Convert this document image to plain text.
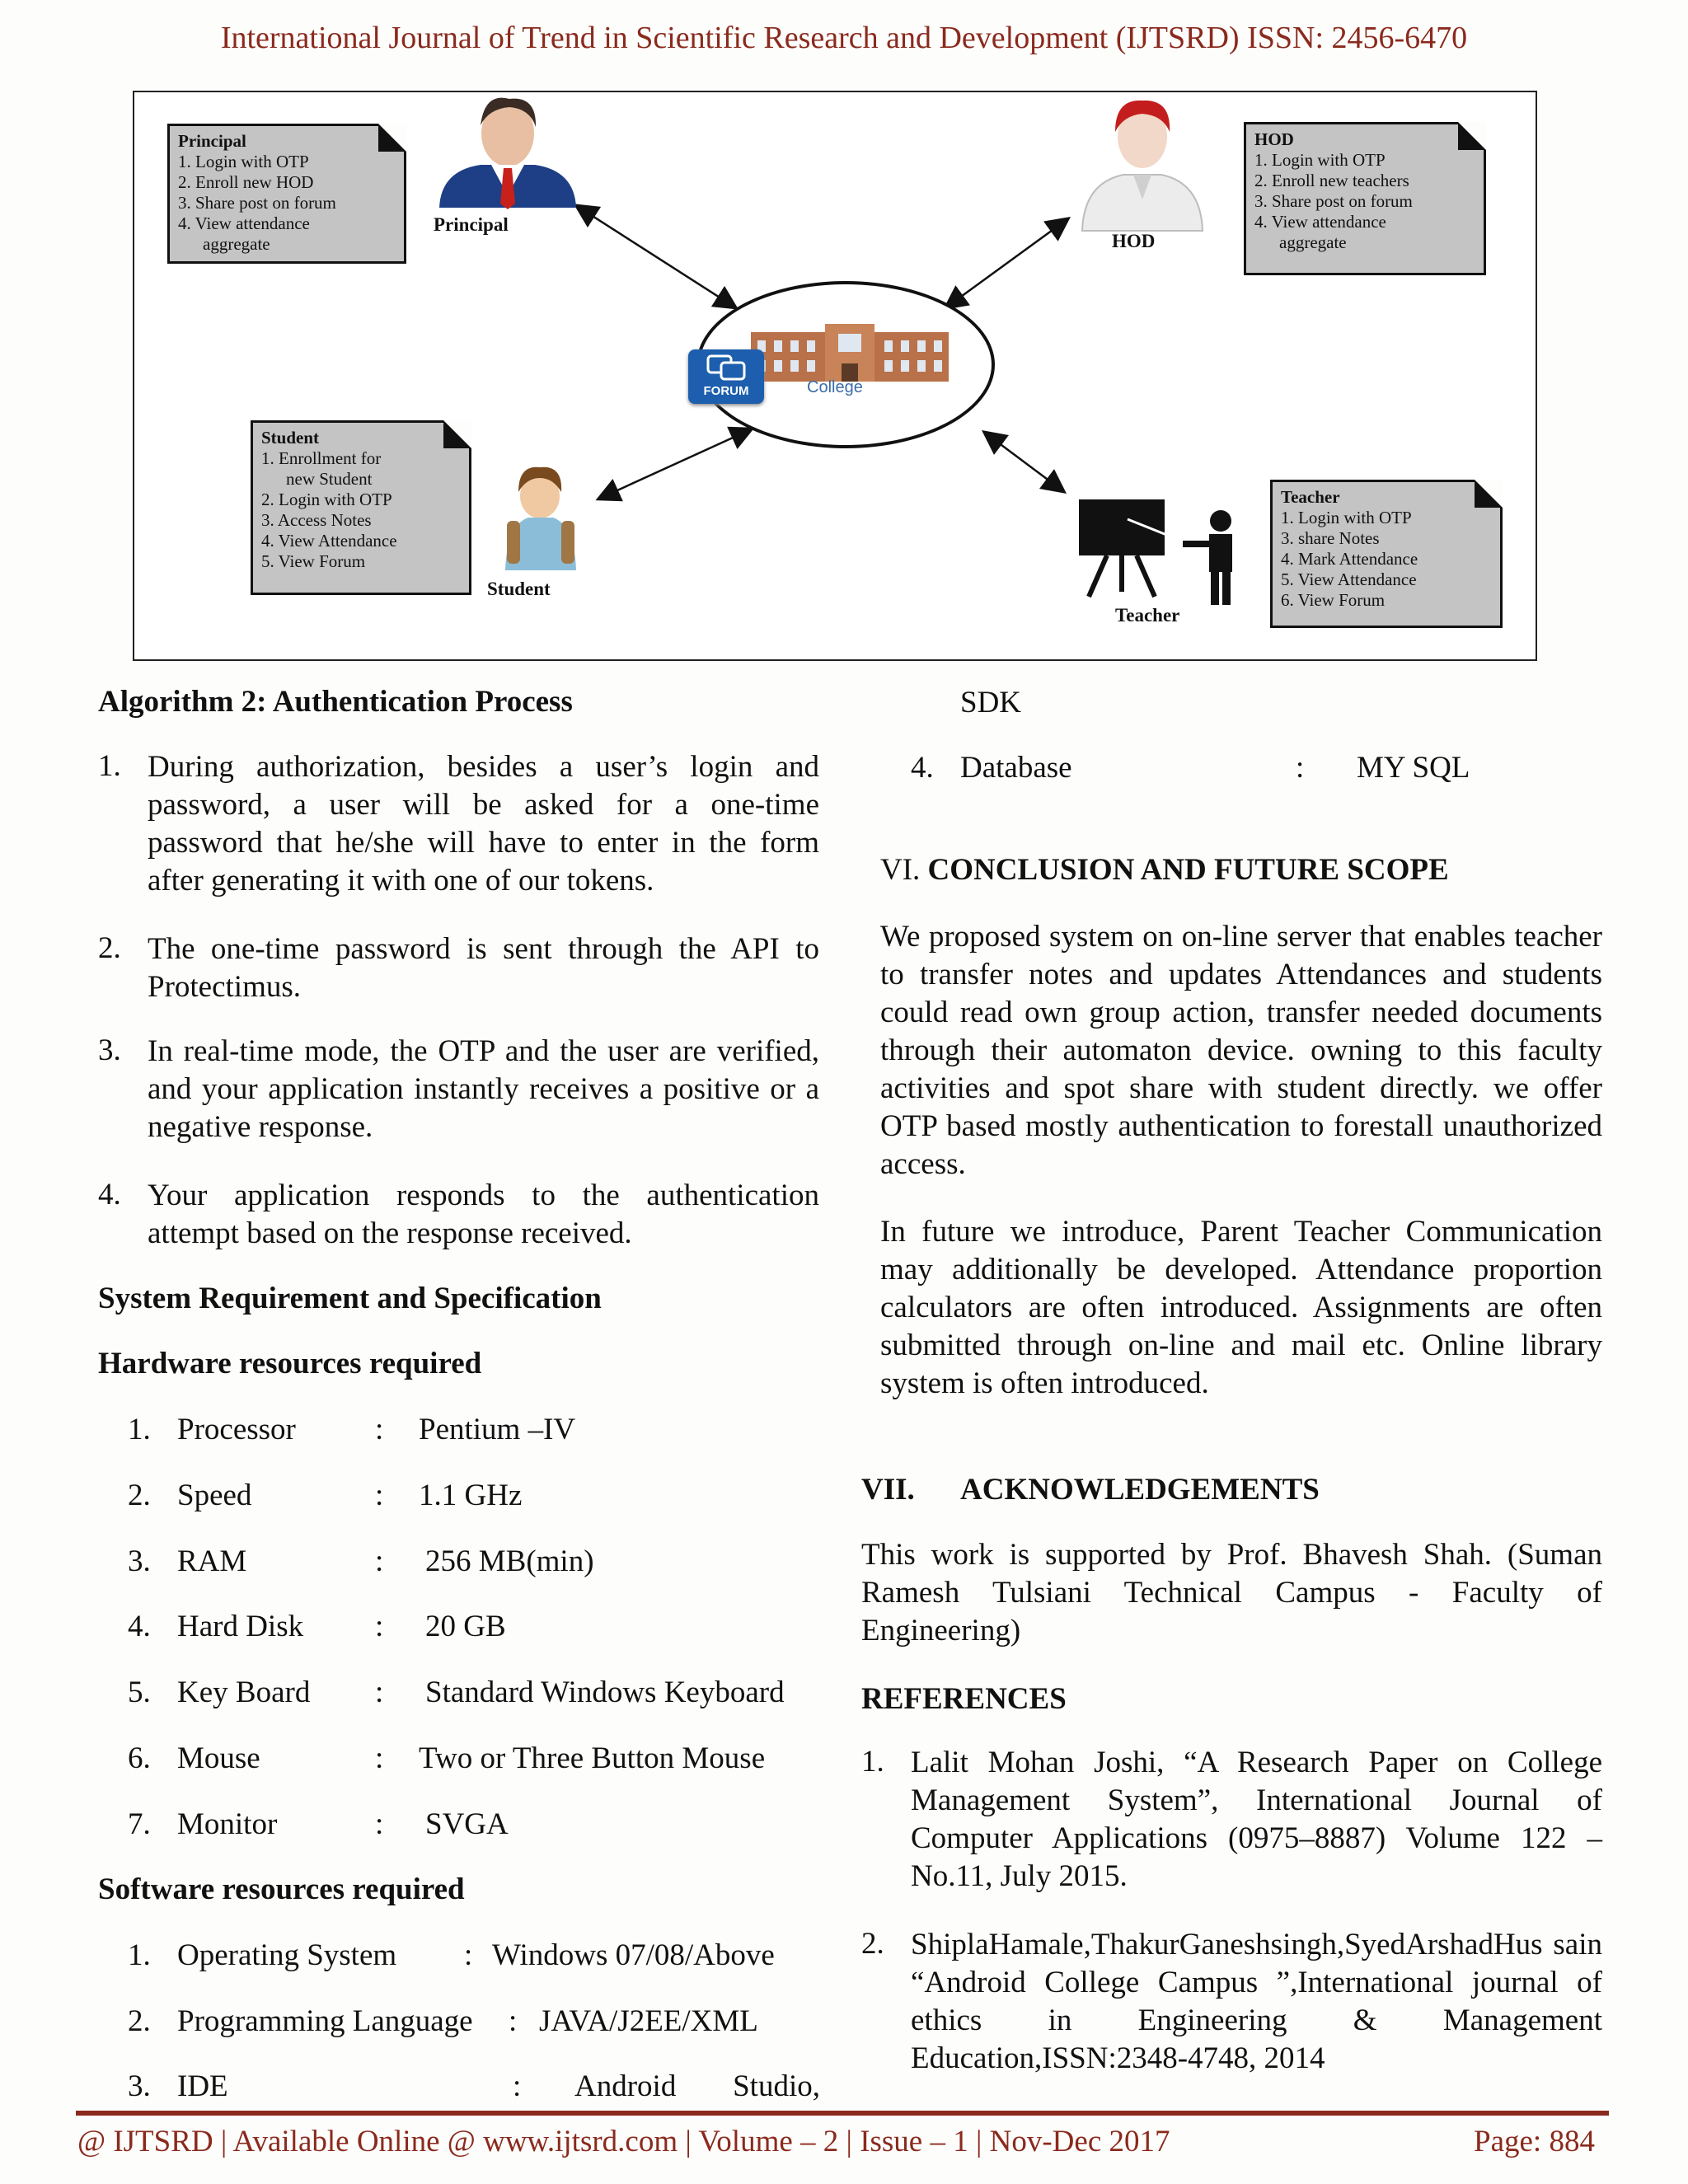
International Journal of Trend in Scientific Research and Development (IJTSRD) ISSN: 2456-6470
College
FORUM
Principal
1. Login with OTP
2. Enroll new HOD
3. Share post on forum
4. View attendance
aggregate
Principal
HOD
1. Login with OTP
2. Enroll new teachers
3. Share post on forum
4. View attendance
aggregate
HOD
Student
1. Enrollment for
new Student
2. Login with OTP
3. Access Notes
4. View Attendance
5. View Forum
Student
Teacher
1. Login with OTP
3. share Notes
4. Mark Attendance
5. View Attendance
6. View Forum
Teacher
Algorithm 2: Authentication Process
1. During authorization, besides a user’s login and password, a user will be asked for a one-time password that he/she will have to enter in the form after generating it with one of our tokens.
2. The one-time password is sent through the API to Protectimus.
3. In real-time mode, the OTP and the user are verified, and your application instantly receives a positive or a negative response.
4. Your application responds to the authentication attempt based on the response received.
System Requirement and Specification
Hardware resources required
1. Processor	: Pentium –IV
2. Speed	: 1.1 GHz
3. RAM	: 256 MB(min)
4. Hard Disk : 20 GB
5. Key Board : Standard Windows Keyboard
6. Mouse	: Two or Three Button Mouse
7. Monitor	: SVGA
Software resources required
1. Operating System : Windows 07/08/Above
2. Programming Language : JAVA/J2EE/XML
3. IDE	: Android Studio,
SDK
4. Database	: MY SQL
VI. CONCLUSION AND FUTURE SCOPE
We proposed system on on-line server that enables teacher to transfer notes and updates Attendances and students could read own group action, transfer needed documents through their automaton device. owning to this faculty activities and spot share with student directly. we offer OTP based mostly authentication to forestall unauthorized access.
In future we introduce, Parent Teacher Communication may additionally be developed. Attendance proportion calculators are often introduced. Assignments are often submitted through on-line and mail etc. Online library system is often introduced.
VII. ACKNOWLEDGEMENTS
This work is supported by Prof. Bhavesh Shah. (Suman Ramesh Tulsiani Technical Campus - Faculty of Engineering)
REFERENCES
1. Lalit Mohan Joshi, “A Research Paper on College Management System”, International Journal of Computer Applications (0975–8887) Volume 122 – No.11, July 2015.
2. ShiplaHamale,ThakurGaneshsingh,SyedArshadHus sain “Android College Campus ”,International journal of ethics in Engineering & Management Education,ISSN:2348-4748, 2014
@ IJTSRD | Available Online @ www.ijtsrd.com | Volume – 2 | Issue – 1 | Nov-Dec 2017	Page: 884
